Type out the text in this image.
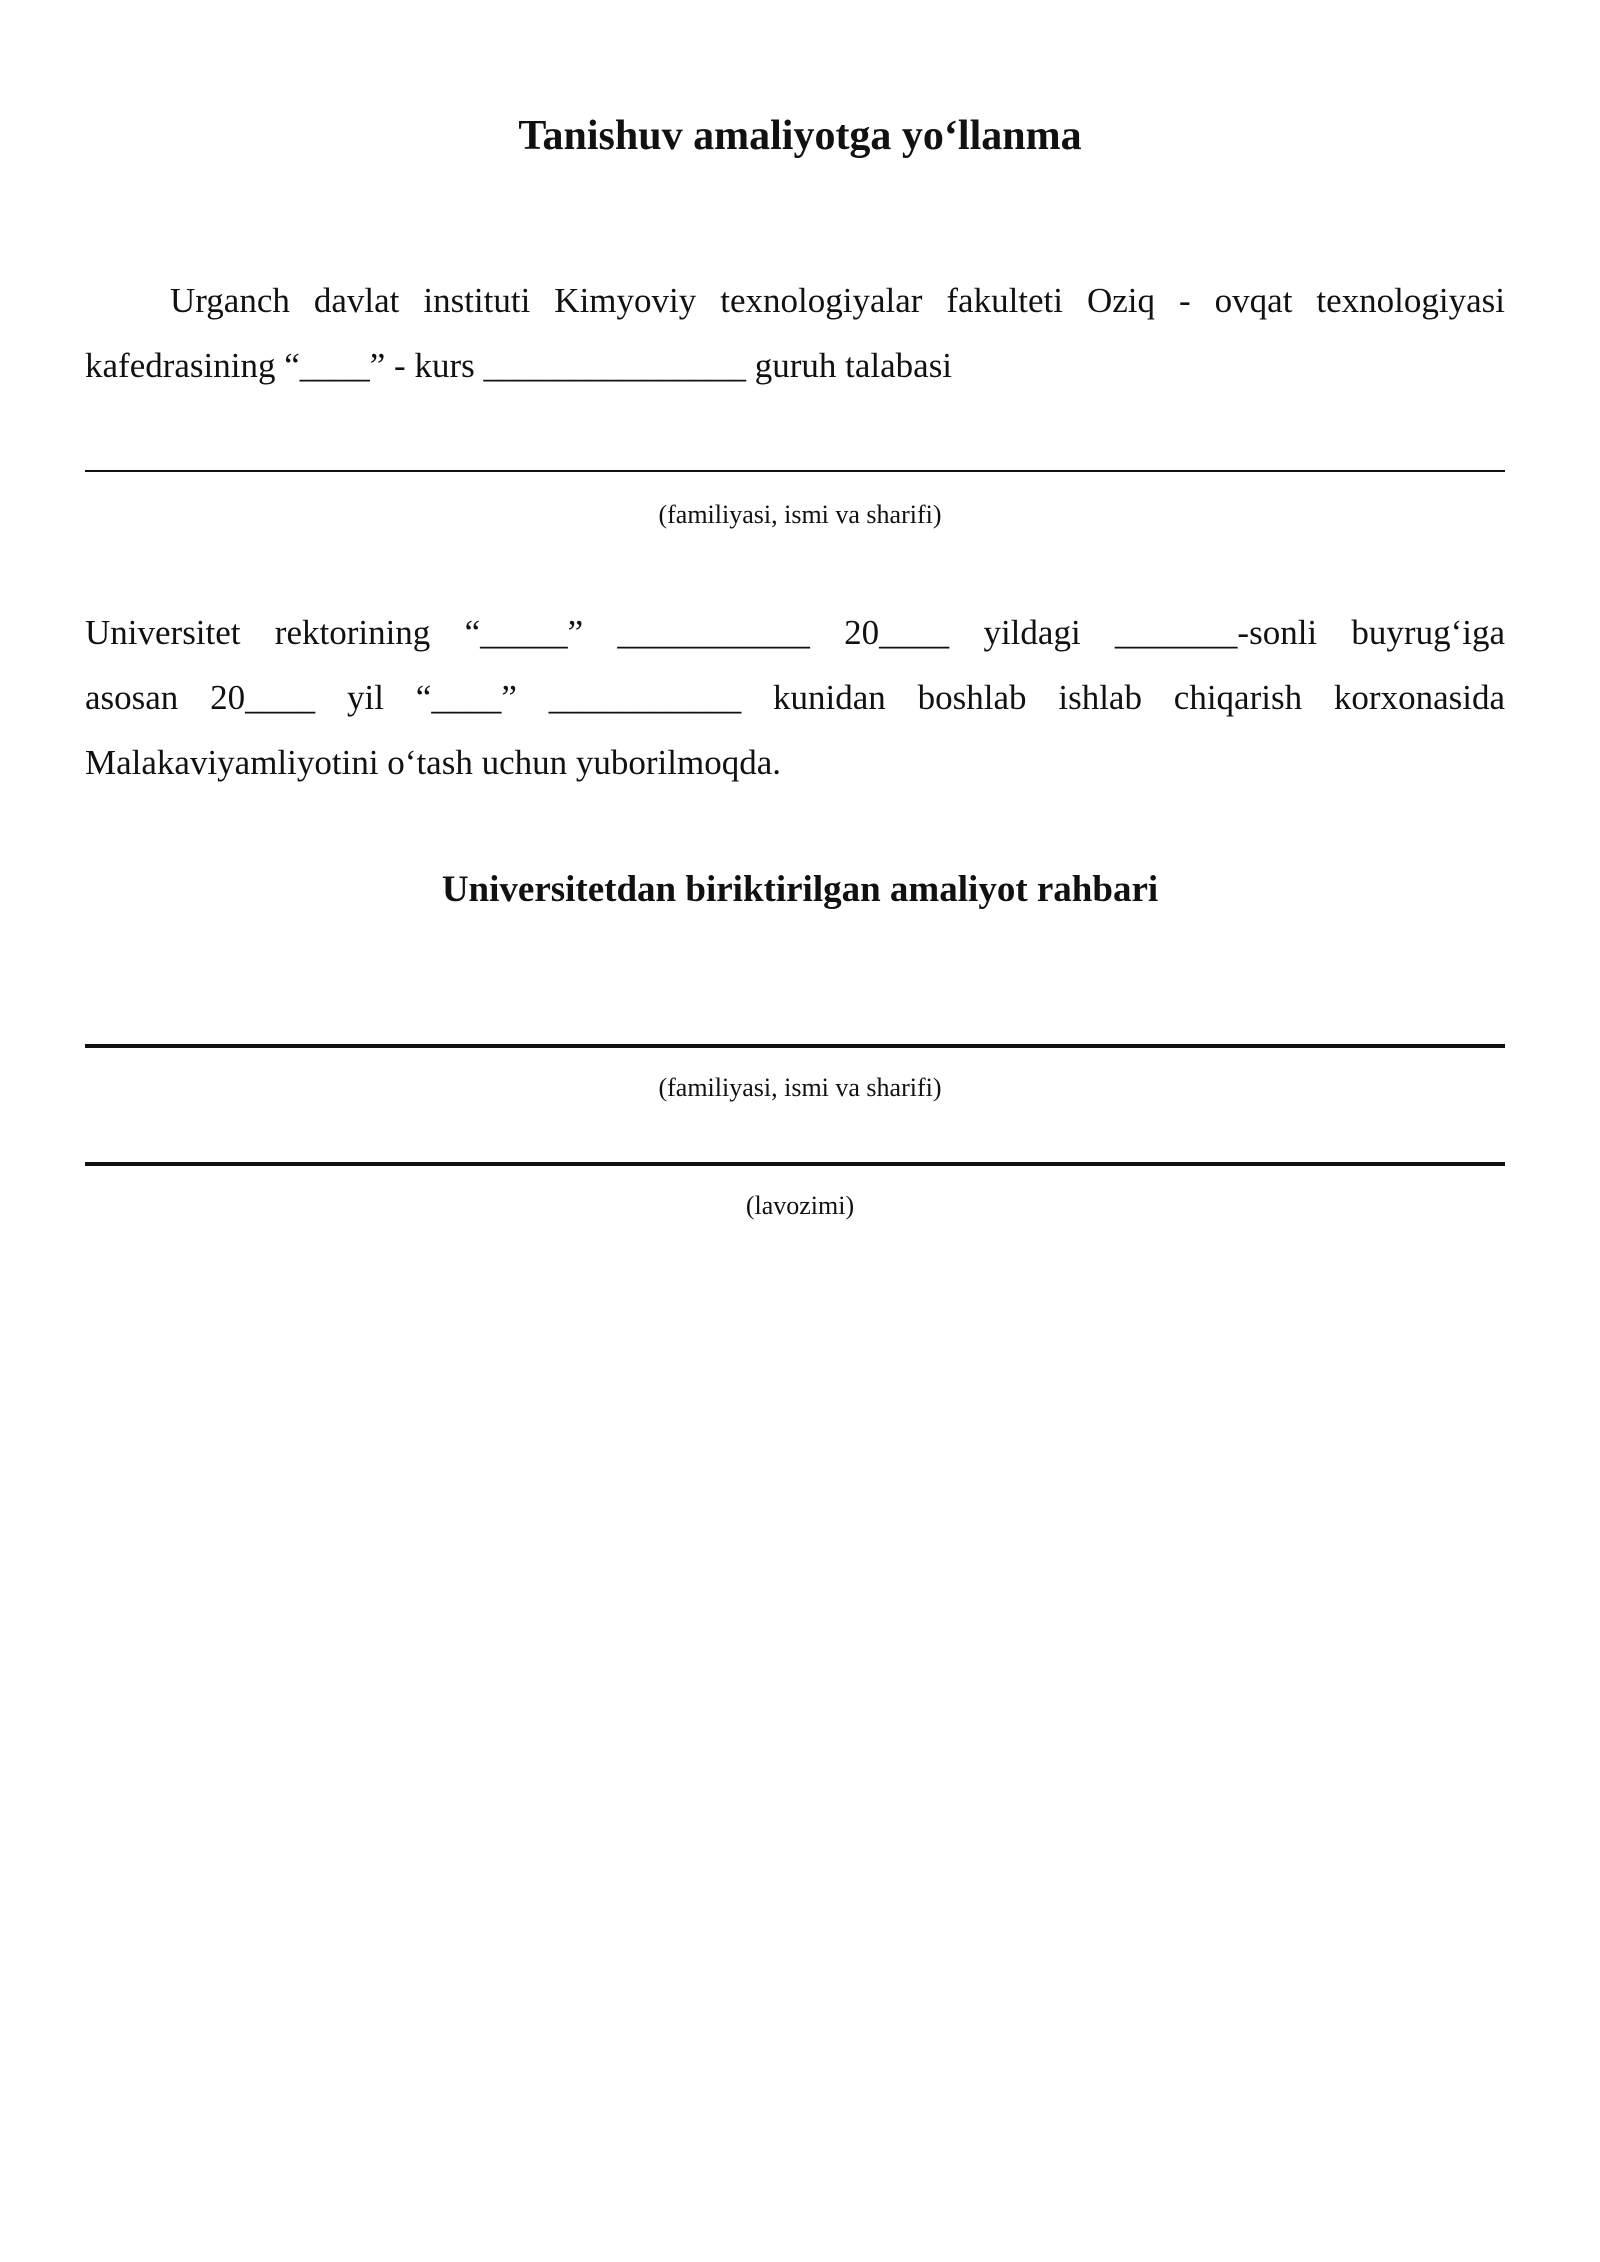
Tanishuv amaliyotga yo‘llanma
Urganch davlat instituti Kimyoviy texnologiyalar fakulteti Oziq - ovqat texnologiyasi
kafedrasining “____” - kurs _______________ guruh talabasi
(familiyasi, ismi va sharifi)
Universitet rektorining “_____” ___________ 20____ yildagi _______-sonli buyrug‘iga
asosan 20____ yil “____” ___________ kunidan boshlab ishlab chiqarish korxonasida
Malakaviyamliyotini o‘tash uchun yuborilmoqda.
Universitetdan biriktirilgan amaliyot rahbari
(familiyasi, ismi va sharifi)
(lavozimi)
